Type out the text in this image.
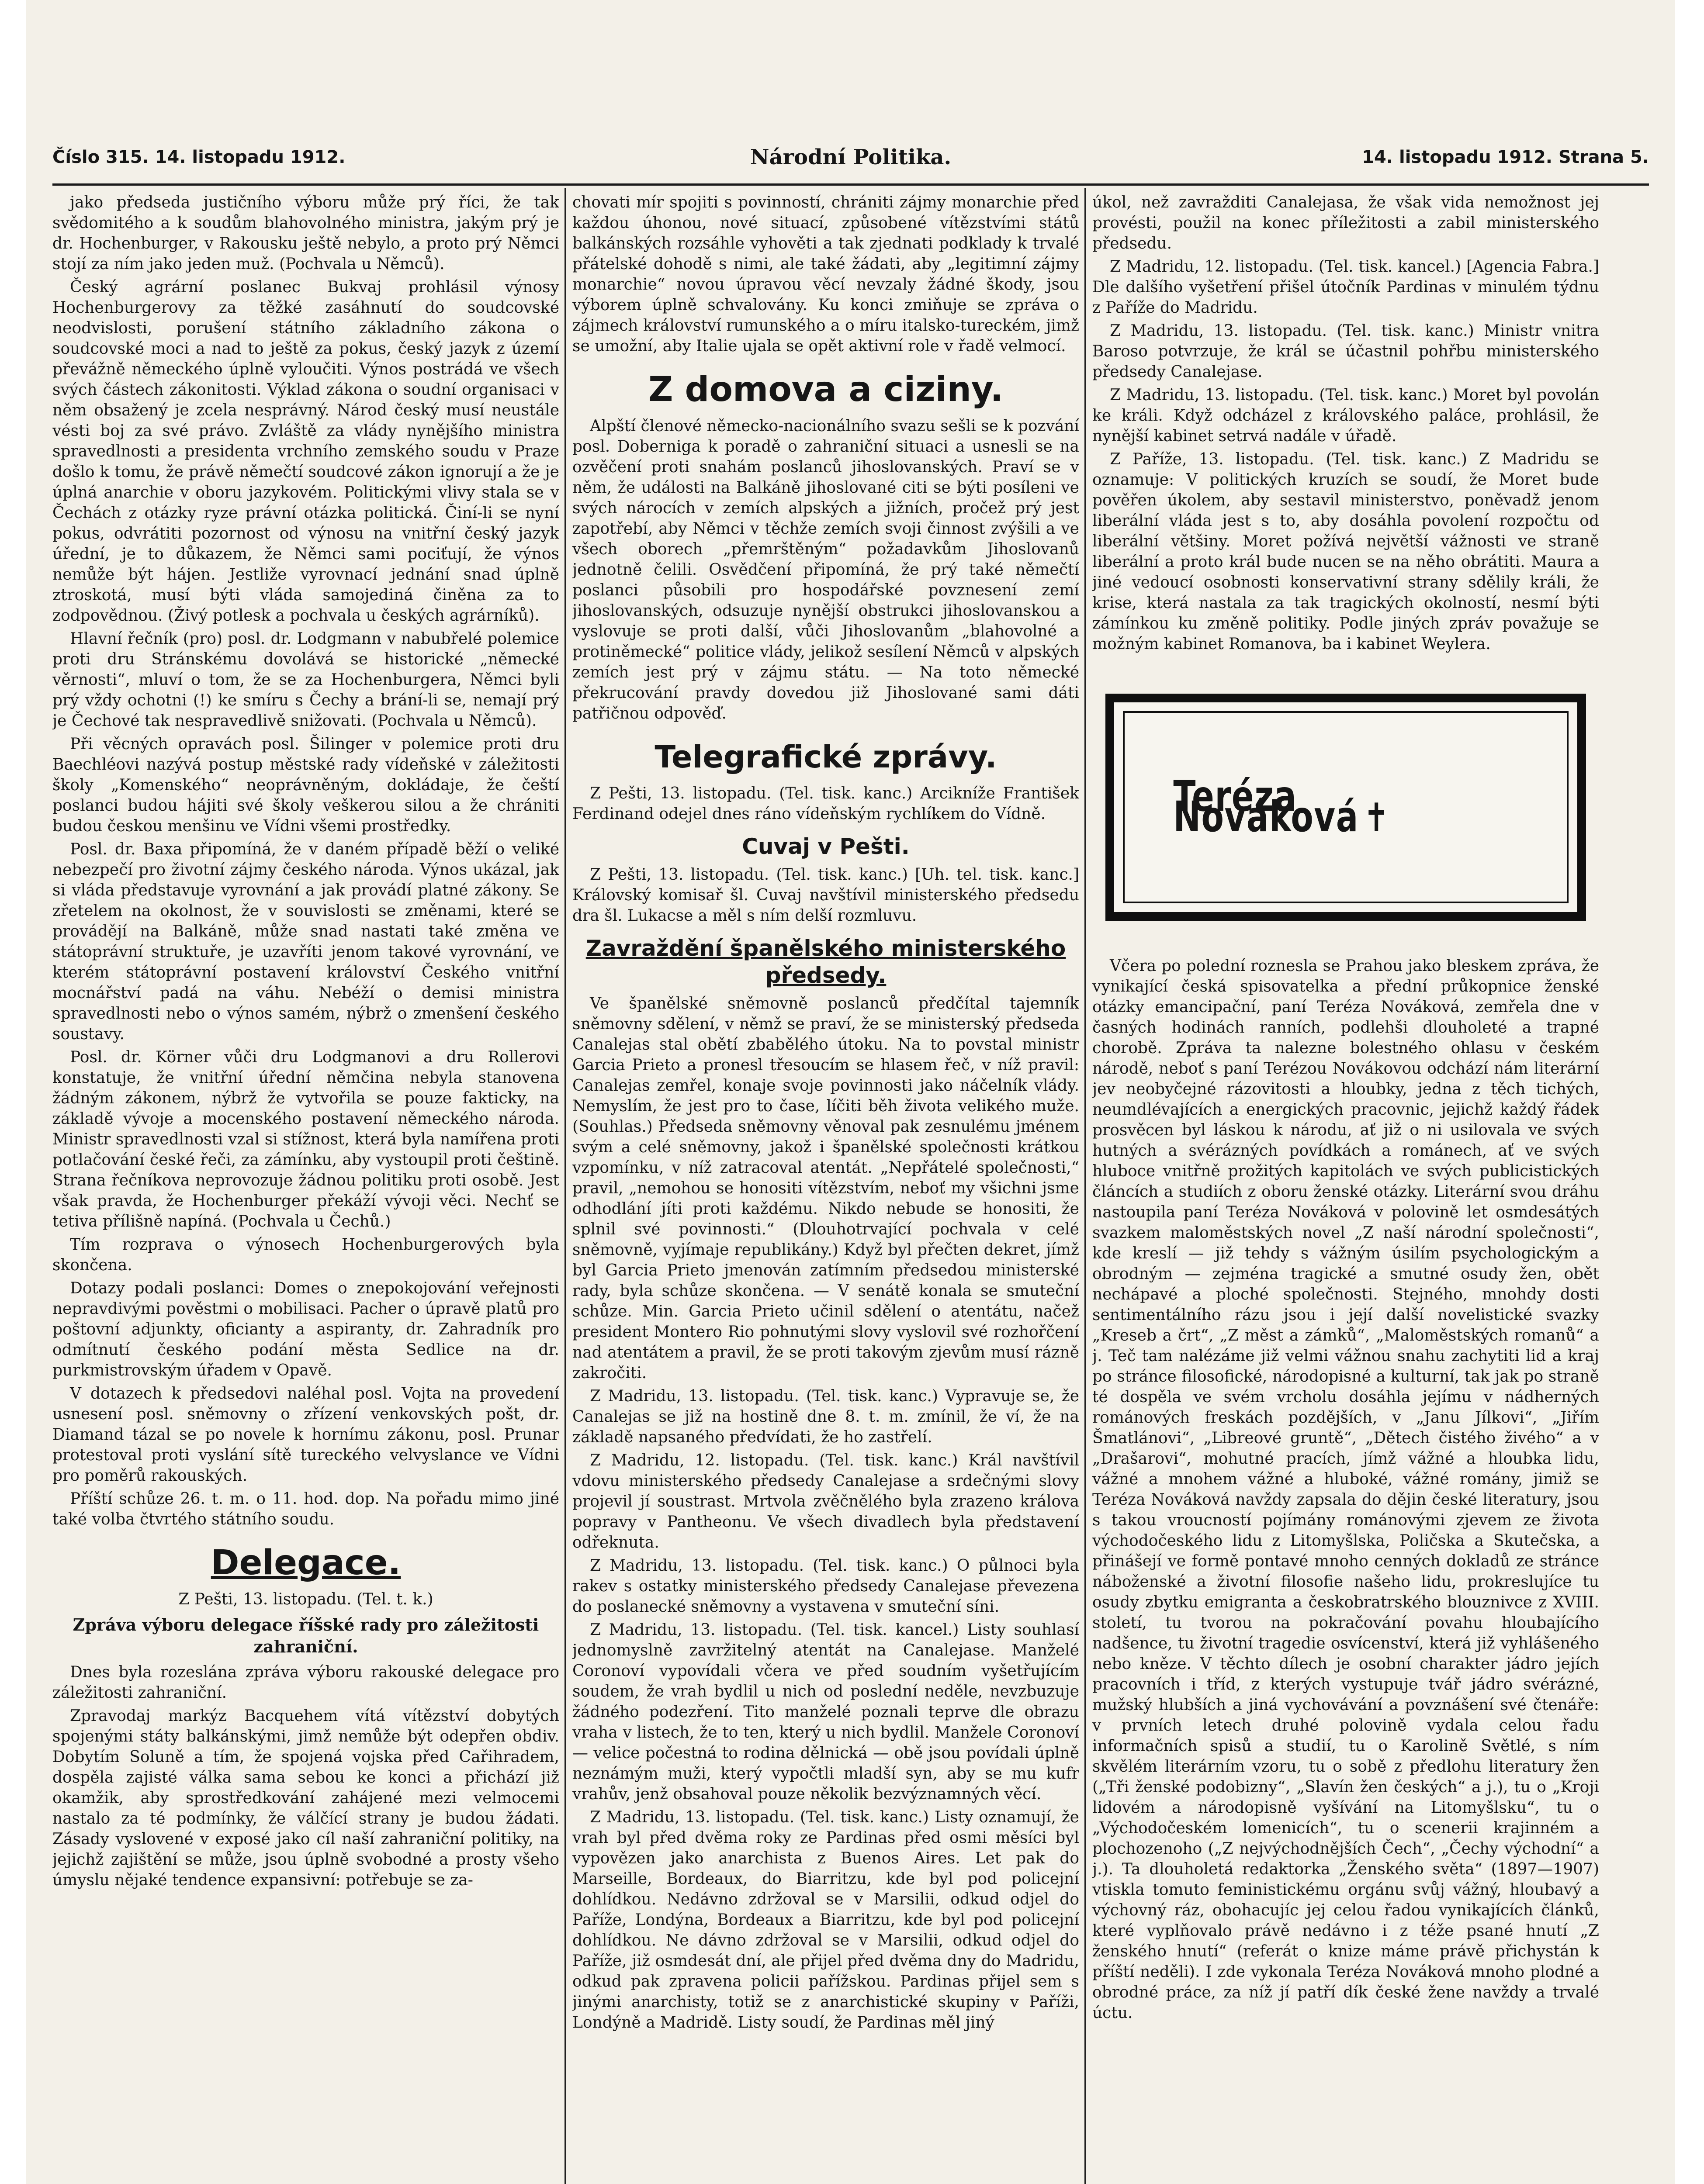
Číslo 315. 14. listopadu 1912.	Národní Politika.	14. listopadu 1912. Strana 5.

jako předseda justičního výboru může prý říci, že tak svědomitého a k soudům blahovolného ministra, jakým prý je dr. Hochenburger, v Rakousku ještě nebylo, a proto prý Němci stojí za ním jako jeden muž. (Pochvala u Němců).

Český agrární poslanec Bukvaj prohlásil výnosy Hochenburgerovy za těžké zasáhnutí do soudcovské neodvislosti, porušení státního základního zákona o soudcovské moci a nad to ještě za pokus, český jazyk z území převážně německého úplně vyloučiti. Výnos postrádá ve všech svých částech zákonitosti. Výklad zákona o soudní organisaci v něm obsažený je zcela nesprávný. Národ český musí neustále vésti boj za své právo. Zvláště za vlády nynějšího ministra spravedlnosti a presidenta vrchního zemského soudu v Praze došlo k tomu, že právě němečtí soudcové zákon ignorují a že je úplná anarchie v oboru jazykovém. Politickými vlivy stala se v Čechách z otázky ryze právní otázka politická. Činí-li se nyní pokus, odvrátiti pozornost od výnosu na vnitřní český jazyk úřední, je to důkazem, že Němci sami pociťují, že výnos nemůže být hájen. Jestliže vyrovnací jednání snad úplně ztroskotá, musí býti vláda samojediná činěna za to zodpovědnou. (Živý potlesk a pochvala u českých agrárníků).

Hlavní řečník (pro) posl. dr. Lodgmann v nabubřelé polemice proti dru Stránskému dovolává se historické „německé věrnosti“, mluví o tom, že se za Hochenburgera, Němci byli prý vždy ochotni (!) ke smíru s Čechy a brání-li se, nemají prý je Čechové tak nespravedlivě snižovati. (Pochvala u Němců).

Při věcných opravách posl. Šilinger v polemice proti dru Baechléovi nazývá postup městské rady vídeňské v záležitosti školy „Komenského“ neoprávněným, dokládaje, že čeští poslanci budou hájiti své školy veškerou silou a že chrániti budou českou menšinu ve Vídni všemi prostředky.

Posl. dr. Baxa připomíná, že v daném případě běží o veliké nebezpečí pro životní zájmy českého národa. Výnos ukázal, jak si vláda představuje vyrovnání a jak provádí platné zákony. Se zřetelem na okolnost, že v souvislosti se změnami, které se provádějí na Balkáně, může snad nastati také změna ve státoprávní struktuře, je uzavříti jenom takové vyrovnání, ve kterém státoprávní postavení království Českého vnitřní mocnářství padá na váhu. Nebéží o demisi ministra spravedlnosti nebo o výnos samém, nýbrž o zmenšení českého soustavy.

Posl. dr. Körner vůči dru Lodgmanovi a dru Rollerovi konstatuje, že vnitřní úřední němčina nebyla stanovena žádným zákonem, nýbrž že vytvořila se pouze fakticky, na základě vývoje a mocenského postavení německého národa. Ministr spravedlnosti vzal si stížnost, která byla namířena proti potlačování české řeči, za zámínku, aby vystoupil proti češtině. Strana řečníkova neprovozuje žádnou politiku proti osobě. Jest však pravda, že Hochenburger překáží vývoji věci. Nechť se tetiva přílišně napíná. (Pochvala u Čechů.)

Tím rozprava o výnosech Hochenburgerových byla skončena.

Dotazy podali poslanci: Domes o znepokojování veřejnosti nepravdivými pověstmi o mobilisaci. Pacher o úpravě platů pro poštovní adjunkty, oficianty a aspiranty, dr. Zahradník pro odmítnutí českého podání města Sedlice na dr. purkmistrovským úřadem v Opavě.

V dotazech k předsedovi naléhal posl. Vojta na provedení usnesení posl. sněmovny o zřízení venkovských pošt, dr. Diamand tázal se po novele k hornímu zákonu, posl. Prunar protestoval proti vyslání sítě tureckého velvyslance ve Vídni pro poměrů rakouských.

Příští schůze 26. t. m. o 11. hod. dop. Na pořadu mimo jiné také volba čtvrtého státního soudu.

Delegace.

Z Pešti, 13. listopadu. (Tel. t. k.)

Zpráva výboru delegace říšské rady pro záležitosti zahraniční.

Dnes byla rozeslána zpráva výboru rakouské delegace pro záležitosti zahraniční.

Zpravodaj markýz Bacquehem vítá vítězství dobytých spojenými státy balkánskými, jimž nemůže být odepřen obdiv. Dobytím Soluně a tím, že spojená vojska před Cařihradem, dospěla zajisté válka sama sebou ke konci a přichází již okamžik, aby sprostředkování zahájené mezi velmocemi nastalo za té podmínky, že válčící strany je budou žádati. Zásady vyslovené v exposé jako cíl naší zahraniční politiky, na jejichž zajištění se může, jsou úplně svobodné a prosty všeho úmyslu nějaké tendence expansivní: potřebuje se za-

chovati mír spojiti s povinností, chrániti zájmy monarchie před každou úhonou, nové situací, způsobené vítězstvími států balkánských rozsáhle vyhověti a tak zjednati podklady k trvalé přátelské dohodě s nimi, ale také žádati, aby „legitimní zájmy monarchie“ novou úpravou věcí nevzaly žádné škody, jsou výborem úplně schvalovány. Ku konci zmiňuje se zpráva o zájmech království rumunského a o míru italsko-tureckém, jimž se umožní, aby Italie ujala se opět aktivní role v řadě velmocí.

Z domova a ciziny.

Alpští členové německo-nacionálního svazu sešli se k pozvání posl. Doberniga k poradě o zahraniční situaci a usnesli se na ozvěčení proti snahám poslanců jihoslovanských. Praví se v něm, že události na Balkáně jihoslované citi se býti posíleni ve svých nárocích v zemích alpských a jižních, pročež prý jest zapotřebí, aby Němci v těchže zemích svoji činnost zvýšili a ve všech oborech „přemrštěným“ požadavkům Jihoslovanů jednotně čelili. Osvědčení připomíná, že prý také němečtí poslanci působili pro hospodářské povznesení zemí jihoslovanských, odsuzuje nynější obstrukci jihoslovanskou a vyslovuje se proti další, vůči Jihoslovanům „blahovolné a protiněmecké“ politice vlády, jelikož sesílení Němců v alpských zemích jest prý v zájmu státu. — Na toto německé překrucování pravdy dovedou již Jihoslované sami dáti patřičnou odpověď.

Telegrafické zprávy.

Z Pešti, 13. listopadu. (Tel. tisk. kanc.) Arcikníže František Ferdinand odejel dnes ráno vídeňským rychlíkem do Vídně.

Cuvaj v Pešti.

Z Pešti, 13. listopadu. (Tel. tisk. kanc.) [Uh. tel. tisk. kanc.] Královský komisař šl. Cuvaj navštívil ministerského předsedu dra šl. Lukacse a měl s ním delší rozmluvu.

Zavraždění španělského ministerského předsedy.

Ve španělské sněmovně poslanců předčítal tajemník sněmovny sdělení, v němž se praví, že se ministerský předseda Canalejas stal obětí zbabělého útoku. Na to povstal ministr Garcia Prieto a pronesl třesoucím se hlasem řeč, v níž pravil: Canalejas zemřel, konaje svoje povinnosti jako náčelník vlády. Nemyslím, že jest pro to čase, líčiti běh života velikého muže. (Souhlas.) Předseda sněmovny věnoval pak zesnulému jménem svým a celé sněmovny, jakož i španělské společnosti krátkou vzpomínku, v níž zatracoval atentát. „Nepřátelé společnosti,“ pravil, „nemohou se honositi vítězstvím, neboť my všichni jsme odhodlání jíti proti každému. Nikdo nebude se honositi, že splnil své povinnosti.“ (Dlouhotrvající pochvala v celé sněmovně, vyjímaje republikány.) Když byl přečten dekret, jímž byl Garcia Prieto jmenován zatímním předsedou ministerské rady, byla schůze skončena. — V senátě konala se smuteční schůze. Min. Garcia Prieto učinil sdělení o atentátu, načež president Montero Rio pohnutými slovy vyslovil své rozhořčení nad atentátem a pravil, že se proti takovým zjevům musí rázně zakročiti.

Z Madridu, 13. listopadu. (Tel. tisk. kanc.) Vypravuje se, že Canalejas se již na hostině dne 8. t. m. zmínil, že ví, že na základě napsaného předvídati, že ho zastřelí.

Z Madridu, 12. listopadu. (Tel. tisk. kanc.) Král navštívil vdovu ministerského předsedy Canalejase a srdečnými slovy projevil jí soustrast. Mrtvola zvěčnělého byla zrazeno králova popravy v Pantheonu. Ve všech divadlech byla představení odřeknuta.

Z Madridu, 13. listopadu. (Tel. tisk. kanc.) O půlnoci byla rakev s ostatky ministerského předsedy Canalejase převezena do poslanecké sněmovny a vystavena v smuteční síni.

Z Madridu, 13. listopadu. (Tel. tisk. kancel.) Listy souhlasí jednomyslně zavržitelný atentát na Canalejase. Manželé Coronoví vypovídali včera ve před soudním vyšetřujícím soudem, že vrah bydlil u nich od poslední neděle, nevzbuzuje žádného podezření. Tito manželé poznali teprve dle obrazu vraha v listech, že to ten, který u nich bydlil. Manžele Coronoví — velice počestná to rodina dělnická — obě jsou povídali úplně neznámým muži, který vypočtli mladší syn, aby se mu kufr vrahův, jenž obsahoval pouze několik bezvýznamných věcí.

Z Madridu, 13. listopadu. (Tel. tisk. kanc.) Listy oznamují, že vrah byl před dvěma roky ze Pardinas před osmi měsíci byl vypovězen jako anarchista z Buenos Aires. Let pak do Marseille, Bordeaux, do Biarritzu, kde byl pod policejní dohlídkou. Nedávno zdržoval se v Marsilii, odkud odjel do Paříže, Londýna, Bordeaux a Biarritzu, kde byl pod policejní dohlídkou. Ne dávno zdržoval se v Marsilii, odkud odjel do Paříže, již osmdesát dní, ale přijel před dvěma dny do Madridu, odkud pak zpravena policii pařížskou. Pardinas přijel sem s jinými anarchisty, totiž se z anarchistické skupiny v Paříži, Londýně a Madridě. Listy soudí, že Pardinas měl jiný

úkol, než zavražditi Canalejasa, že však vida nemožnost jej provésti, použil na konec příležitosti a zabil ministerského předsedu.

Z Madridu, 12. listopadu. (Tel. tisk. kancel.) [Agencia Fabra.] Dle dalšího vyšetření přišel útočník Pardinas v minulém týdnu z Paříže do Madridu.

Z Madridu, 13. listopadu. (Tel. tisk. kanc.) Ministr vnitra Baroso potvrzuje, že král se účastnil pohřbu ministerského předsedy Canalejase.

Z Madridu, 13. listopadu. (Tel. tisk. kanc.) Moret byl povolán ke králi. Když odcházel z královského paláce, prohlásil, že nynější kabinet setrvá nadále v úřadě.

Z Paříže, 13. listopadu. (Tel. tisk. kanc.) Z Madridu se oznamuje: V politických kruzích se soudí, že Moret bude pověřen úkolem, aby sestavil ministerstvo, poněvadž jenom liberální vláda jest s to, aby dosáhla povolení rozpočtu od liberální většiny. Moret požívá největší vážnosti ve straně liberální a proto král bude nucen se na něho obrátiti. Maura a jiné vedoucí osobnosti konservativní strany sdělily králi, že krise, která nastala za tak tragických okolností, nesmí býti zámínkou ku změně politiky. Podle jiných zpráv považuje se možným kabinet Romanova, ba i kabinet Weylera.

Teréza Nováková ✝

Včera po polední roznesla se Prahou jako bleskem zpráva, že vynikající česká spisovatelka a přední průkopnice ženské otázky emancipační, paní Teréza Nováková, zemřela dne v časných hodinách ranních, podlehši dlouholeté a trapné chorobě. Zpráva ta nalezne bolestného ohlasu v českém národě, neboť s paní Terézou Novákovou odchází nám literární jev neobyčejné rázovitosti a hloubky, jedna z těch tichých, neumdlévajících a energických pracovnic, jejichž každý řádek prosvěcen byl láskou k národu, ať již o ni usilovala ve svých hutných a svérázných povídkách a románech, ať ve svých hluboce vnitřně prožitých kapitolách ve svých publicistických článcích a studiích z oboru ženské otázky. Literární svou dráhu nastoupila paní Teréza Nováková v polovině let osmdesátých svazkem maloměstských novel „Z naší národní společnosti“, kde kreslí — již tehdy s vážným úsilím psychologickým a obrodným — zejména tragické a smutné osudy žen, obět nechápavé a ploché společnosti. Stejného, mnohdy dosti sentimentálního rázu jsou i její další novelistické svazky „Kreseb a črt“, „Z měst a zámků“, „Maloměstských romanů“ a j. Teč tam nalézáme již velmi vážnou snahu zachytiti lid a kraj po stránce filosofické, národopisné a kulturní, tak jak po straně té dospěla ve svém vrcholu dosáhla jejímu v nádherných románových freskách pozdějších, v „Janu Jílkovi“, „Jiřím Šmatlánovi“, „Libreové gruntě“, „Dětech čistého živého“ a v „Drašarovi“, mohutné pracích, jímž vážné a hloubka lidu, vážné a mnohem vážné a hluboké, vážné romány, jimiž se Teréza Nováková navždy zapsala do dějin české literatury, jsou s takou vroucností pojímány románovými zjevem ze života východočeského lidu z Litomyšlska, Poličska a Skutečska, a přinášejí ve formě pontavé mnoho cenných dokladů ze stránce náboženské a životní filosofie našeho lidu, prokreslujíce tu osudy zbytku emigranta a českobratrského blouznivce z XVIII. století, tu tvorou na pokračování povahu hloubajícího nadšence, tu životní tragedie osvícenství, která již vyhlášeného nebo kněze. V těchto dílech je osobní charakter jádro jejích pracovních i tříd, z kterých vystupuje tvář jádro svérázné, mužský hlubších a jiná vychovávání a povznášení své čtenáře: v prvních letech druhé polovině vydala celou řadu informačních spisů a studií, tu o Karolině Světlé, s ním skvělém literárním vzoru, tu o sobě z předlohu literatury žen („Tři ženské podobizny“, „Slavín žen českých“ a j.), tu o „Kroji lidovém a národopisně vyšívání na Litomyšlsku“, tu o „Východočeském lomenicích“, tu o scenerii krajinném a plochozenoho („Z nejvýchodnějších Čech“, „Čechy východní“ a j.). Ta dlouholetá redaktorka „Ženského světa“ (1897—1907) vtiskla tomuto feministickému orgánu svůj vážný, hloubavý a výchovný ráz, obohacujíc jej celou řadou vynikajících článků, které vyplňovalo právě nedávno i z téže psané hnutí „Z ženského hnutí“ (referát o knize máme právě přichystán k příští neděli). I zde vykonala Teréza Nováková mnoho plodné a obrodné práce, za níž jí patří dík české žene navždy a trvalé úctu.
